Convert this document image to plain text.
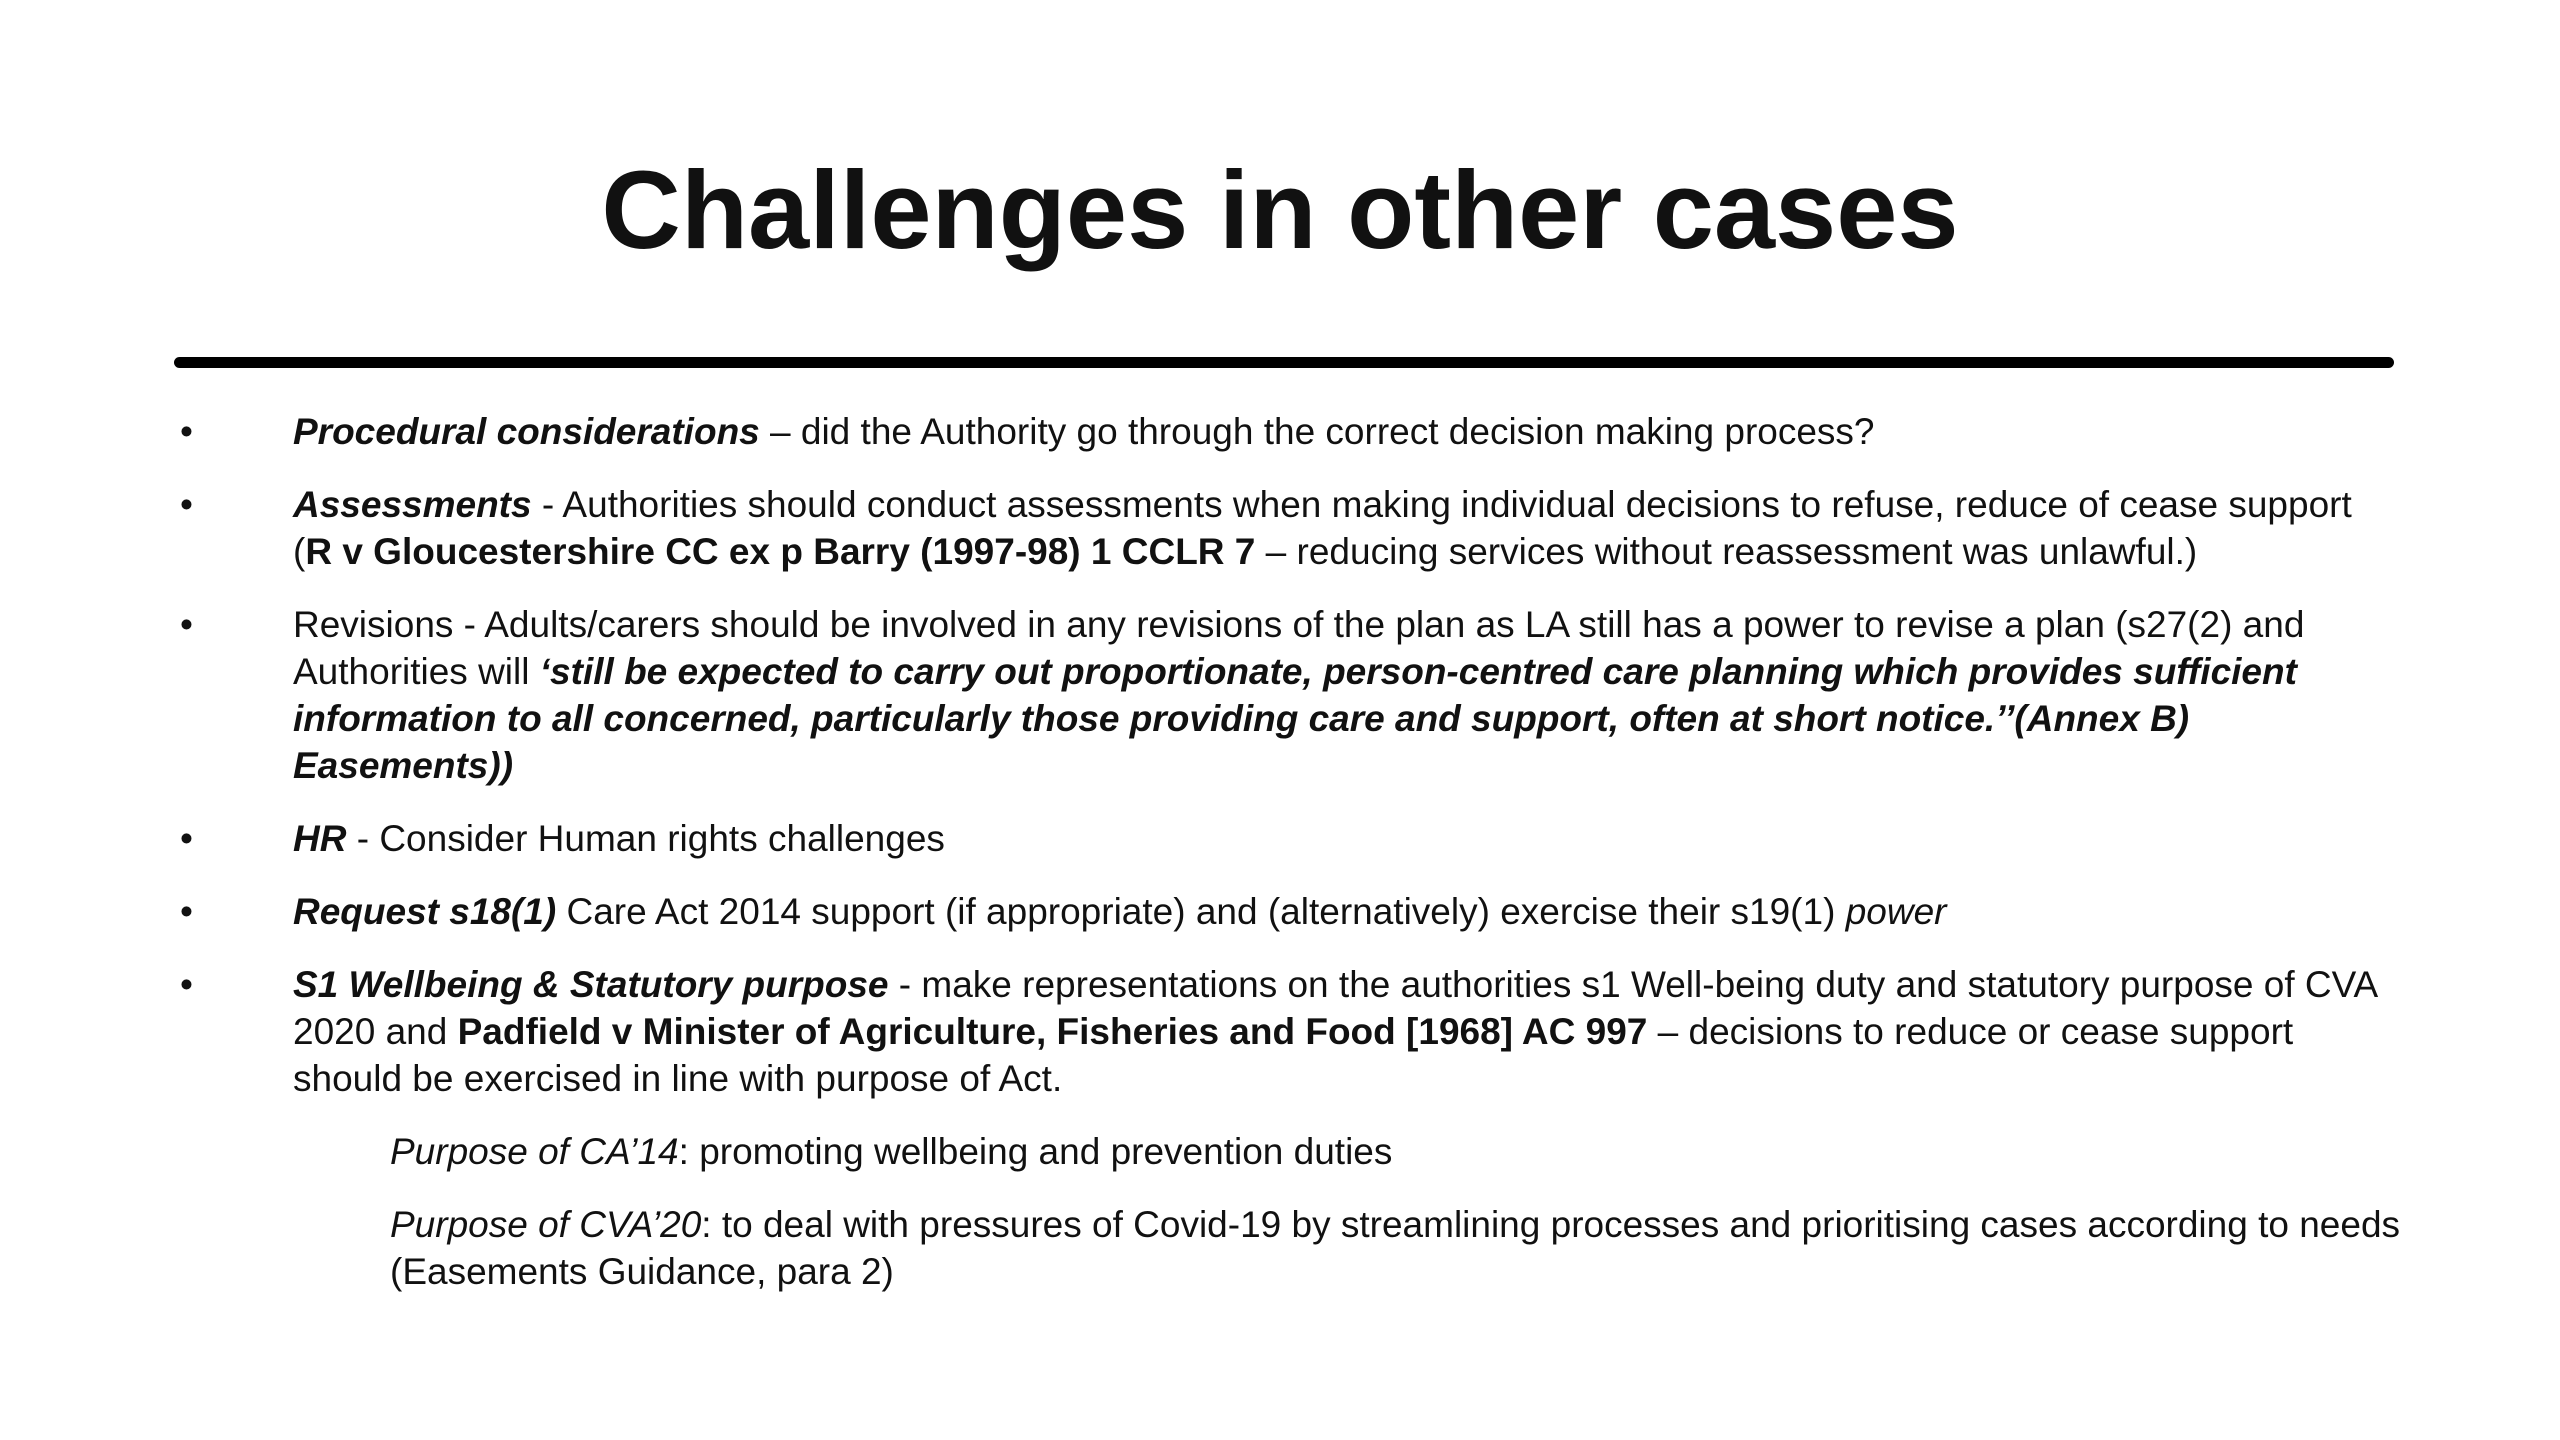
Challenges in other cases
•	Procedural considerations – did the Authority go through the correct decision making process?
•	Assessments - Authorities should conduct assessments when making individual decisions to refuse, reduce of cease support (R v Gloucestershire CC ex p Barry (1997-98) 1 CCLR 7 – reducing services without reassessment was unlawful.)
•	Revisions - Adults/carers should be involved in any revisions of the plan as LA still has a power to revise a plan (s27(2) and Authorities will ‘still be expected to carry out proportionate, person-centred care planning which provides sufficient information to all concerned, particularly those providing care and support, often at short notice.’’(Annex B) Easements))
•	HR - Consider Human rights challenges
•	Request s18(1) Care Act 2014 support (if appropriate) and (alternatively) exercise their s19(1) power
•	S1 Wellbeing & Statutory purpose - make representations on the authorities s1 Well-being duty and statutory purpose of CVA 2020 and Padfield v Minister of Agriculture, Fisheries and Food [1968] AC 997 – decisions to reduce or cease support should be exercised in line with purpose of Act.

Purpose of CA’14: promoting wellbeing and prevention duties

Purpose of CVA’20: to deal with pressures of Covid-19 by streamlining processes and prioritising cases according to needs (Easements Guidance, para 2)
